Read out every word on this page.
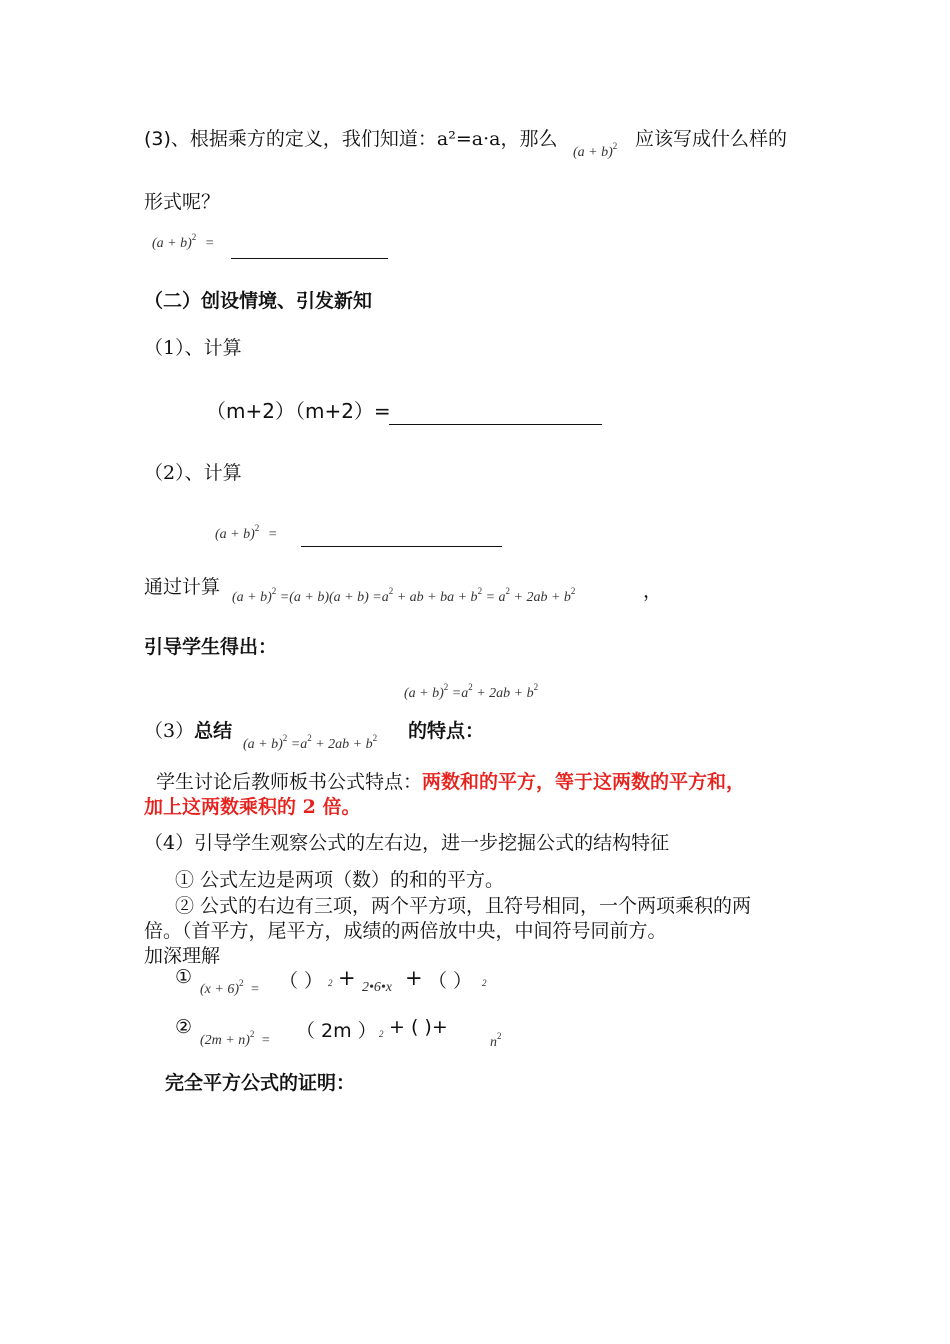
(3)、根据乘方的定义，我们知道：a²=a·a，那么
$(a + b)^2$ 应该写成什么样的
形式呢？
$(a + b)^2$ =
（二）创设情境、引发新知
（1）、计算
（m+2）（m+2）=
（2）、计算
$(a + b)^2$ =
通过计算 $(a + b)^2 =(a + b)(a + b) =a^2$ + ab + ba + $b^2 = a^2 + 2ab + b^2$	，
引导学生得出：
$(a + b)^2 =a^2 + 2ab + b^2$
（3）总结
$(a + b)^2 =a^2 + 2ab + b^2$ 的特点：
学生讨论后教师板书公式特点：两数和的平方，等于这两数的平方和，
加上这两数乘积的 2 倍。
（4）引导学生观察公式的左右边，进一步挖掘公式的结构特征
① 公式左边是两项（数）的和的平方。
② 公式的右边有三项，两个平方项，且符号相同，一个两项乘积的两
倍。（首平方，尾平方，成绩的两倍放中央，中间符号同前方。
加深理解
①
$(x + 6)^2$ = （ ） 2 + 2•6•x + （ ） 2
②
$(2m + n)^2$ = （ 2m ） 2 + ( )+
$n^2$
完全平方公式的证明：
